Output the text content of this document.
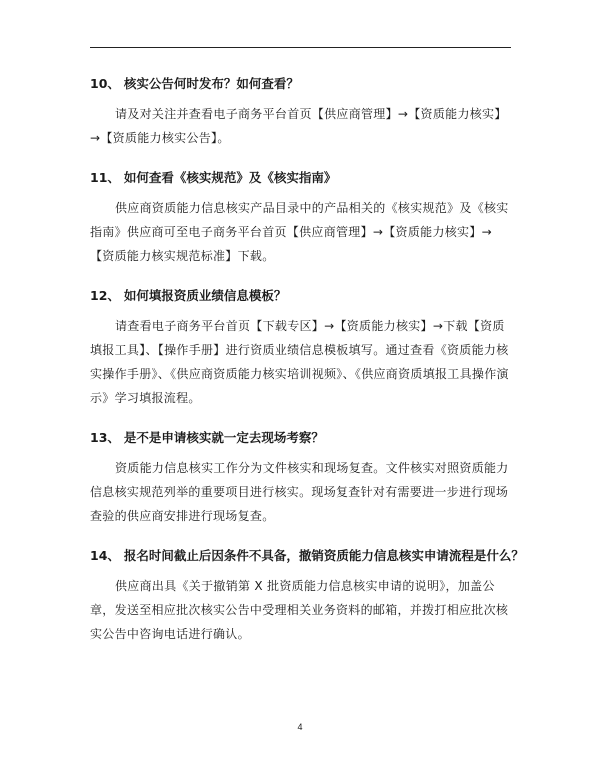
10、 核实公告何时发布？如何查看？

请及对关注并查看电子商务平台首页【供应商管理】→【资质能力核实】→【资质能力核实公告】。

11、 如何查看《核实规范》及《核实指南》

供应商资质能力信息核实产品目录中的产品相关的《核实规范》及《核实指南》供应商可至电子商务平台首页【供应商管理】→【资质能力核实】→【资质能力核实规范标准】下载。

12、 如何填报资质业绩信息模板？

请查看电子商务平台首页【下载专区】→【资质能力核实】→下载【资质填报工具】、【操作手册】进行资质业绩信息模板填写。通过查看《资质能力核实操作手册》、《供应商资质能力核实培训视频》、《供应商资质填报工具操作演示》学习填报流程。

13、 是不是申请核实就一定去现场考察？

资质能力信息核实工作分为文件核实和现场复查。文件核实对照资质能力信息核实规范列举的重要项目进行核实。现场复查针对有需要进一步进行现场查验的供应商安排进行现场复查。

14、 报名时间截止后因条件不具备，撤销资质能力信息核实申请流程是什么？

供应商出具《关于撤销第 X 批资质能力信息核实申请的说明》，加盖公章，发送至相应批次核实公告中受理相关业务资料的邮箱，并拨打相应批次核实公告中咨询电话进行确认。

4
